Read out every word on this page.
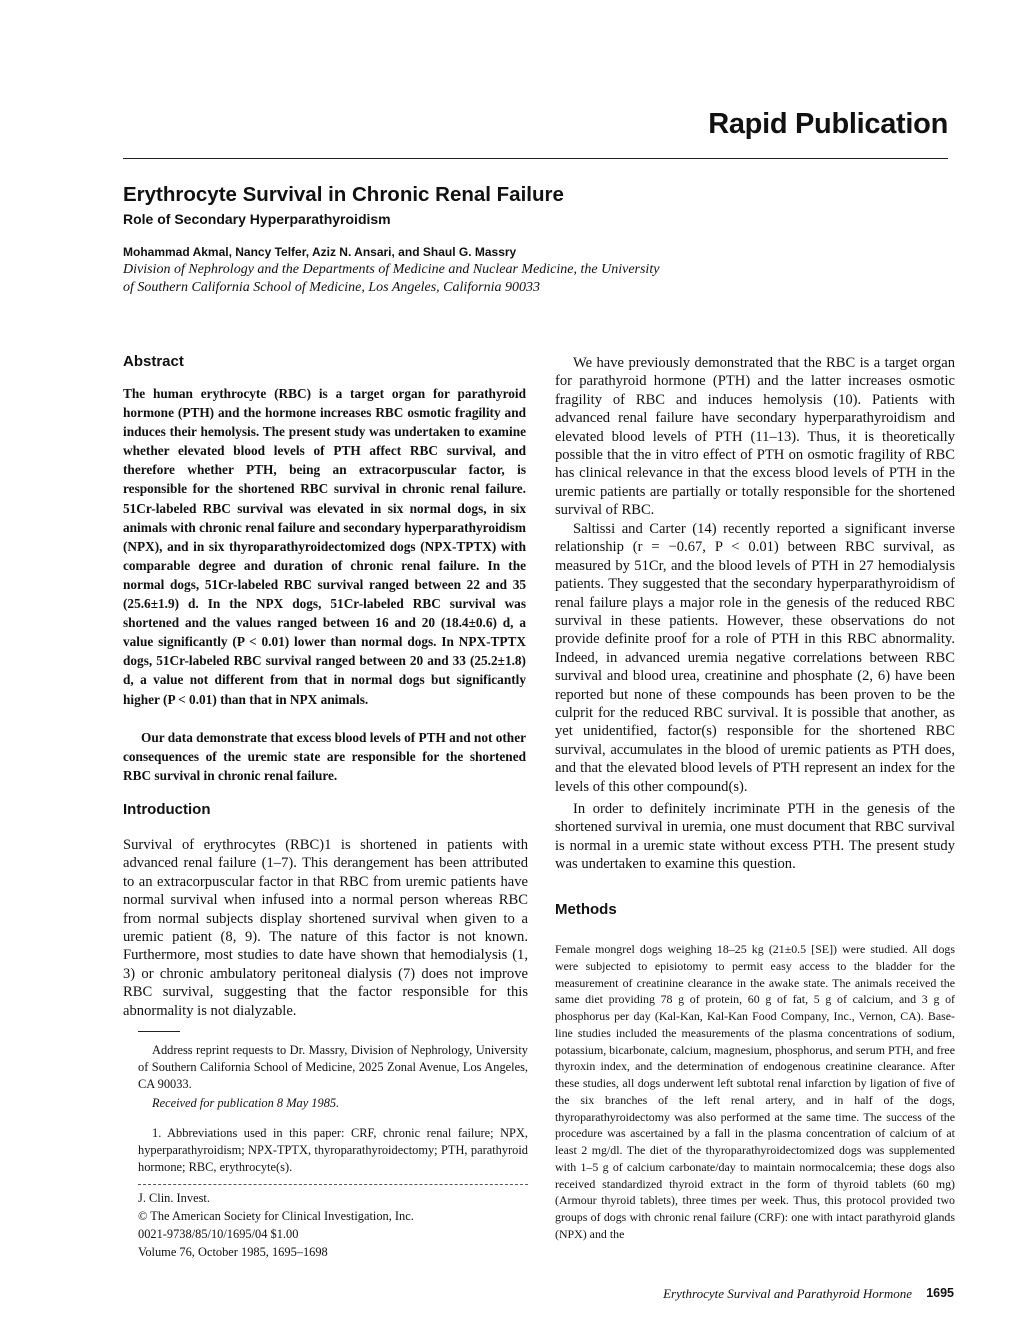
Rapid Publication
Erythrocyte Survival in Chronic Renal Failure
Role of Secondary Hyperparathyroidism
Mohammad Akmal, Nancy Telfer, Aziz N. Ansari, and Shaul G. Massry
Division of Nephrology and the Departments of Medicine and Nuclear Medicine, the University
of Southern California School of Medicine, Los Angeles, California 90033
Abstract

The human erythrocyte (RBC) is a target organ for parathyroid hormone (PTH) and the hormone increases RBC osmotic fragility and induces their hemolysis. The present study was undertaken to examine whether elevated blood levels of PTH affect RBC survival, and therefore whether PTH, being an extracorpuscular factor, is responsible for the shortened RBC survival in chronic renal failure. 51Cr-labeled RBC survival was elevated in six normal dogs, in six animals with chronic renal failure and secondary hyperparathyroidism (NPX), and in six thyroparathyroidectomized dogs (NPX-TPTX) with comparable degree and duration of chronic renal failure. In the normal dogs, 51Cr-labeled RBC survival ranged between 22 and 35 (25.6±1.9) d. In the NPX dogs, 51Cr-labeled RBC survival was shortened and the values ranged between 16 and 20 (18.4±0.6) d, a value significantly (P < 0.01) lower than normal dogs. In NPX-TPTX dogs, 51Cr-labeled RBC survival ranged between 20 and 33 (25.2±1.8) d, a value not different from that in normal dogs but significantly higher (P < 0.01) than that in NPX animals.

Our data demonstrate that excess blood levels of PTH and not other consequences of the uremic state are responsible for the shortened RBC survival in chronic renal failure.

Introduction

Survival of erythrocytes (RBC)1 is shortened in patients with advanced renal failure (1–7). This derangement has been attributed to an extracorpuscular factor in that RBC from uremic patients have normal survival when infused into a normal person whereas RBC from normal subjects display shortened survival when given to a uremic patient (8, 9). The nature of this factor is not known. Furthermore, most studies to date have shown that hemodialysis (1, 3) or chronic ambulatory peritoneal dialysis (7) does not improve RBC survival, suggesting that the factor responsible for this abnormality is not dialyzable.

Address reprint requests to Dr. Massry, Division of Nephrology, University of Southern California School of Medicine, 2025 Zonal Avenue, Los Angeles, CA 90033.
Received for publication 8 May 1985.
1. Abbreviations used in this paper: CRF, chronic renal failure; NPX, hyperparathyroidism; NPX-TPTX, thyroparathyroidectomy; PTH, parathyroid hormone; RBC, erythrocyte(s).
J. Clin. Invest.
© The American Society for Clinical Investigation, Inc.
0021-9738/85/10/1695/04 $1.00
Volume 76, October 1985, 1695–1698

We have previously demonstrated that the RBC is a target organ for parathyroid hormone (PTH) and the latter increases osmotic fragility of RBC and induces hemolysis (10). Patients with advanced renal failure have secondary hyperparathyroidism and elevated blood levels of PTH (11–13). Thus, it is theoretically possible that the in vitro effect of PTH on osmotic fragility of RBC has clinical relevance in that the excess blood levels of PTH in the uremic patients are partially or totally responsible for the shortened survival of RBC.

Saltissi and Carter (14) recently reported a significant inverse relationship (r = −0.67, P < 0.01) between RBC survival, as measured by 51Cr, and the blood levels of PTH in 27 hemodialysis patients. They suggested that the secondary hyperparathyroidism of renal failure plays a major role in the genesis of the reduced RBC survival in these patients. However, these observations do not provide definite proof for a role of PTH in this RBC abnormality. Indeed, in advanced uremia negative correlations between RBC survival and blood urea, creatinine and phosphate (2, 6) have been reported but none of these compounds has been proven to be the culprit for the reduced RBC survival. It is possible that another, as yet unidentified, factor(s) responsible for the shortened RBC survival, accumulates in the blood of uremic patients as PTH does, and that the elevated blood levels of PTH represent an index for the levels of this other compound(s).

In order to definitely incriminate PTH in the genesis of the shortened survival in uremia, one must document that RBC survival is normal in a uremic state without excess PTH. The present study was undertaken to examine this question.

Methods

Female mongrel dogs weighing 18–25 kg (21±0.5 [SE]) were studied. All dogs were subjected to episiotomy to permit easy access to the bladder for the measurement of creatinine clearance in the awake state. The animals received the same diet providing 78 g of protein, 60 g of fat, 5 g of calcium, and 3 g of phosphorus per day (Kal-Kan, Kal-Kan Food Company, Inc., Vernon, CA). Base-line studies included the measurements of the plasma concentrations of sodium, potassium, bicarbonate, calcium, magnesium, phosphorus, and serum PTH, and free thyroxin index, and the determination of endogenous creatinine clearance. After these studies, all dogs underwent left subtotal renal infarction by ligation of five of the six branches of the left renal artery, and in half of the dogs, thyroparathyroidectomy was also performed at the same time. The success of the procedure was ascertained by a fall in the plasma concentration of calcium of at least 2 mg/dl. The diet of the thyroparathyroidectomized dogs was supplemented with 1–5 g of calcium carbonate/day to maintain normocalcemia; these dogs also received standardized thyroid extract in the form of thyroid tablets (60 mg) (Armour thyroid tablets), three times per week. Thus, this protocol provided two groups of dogs with chronic renal failure (CRF): one with intact parathyroid glands (NPX) and the

Erythrocyte Survival and Parathyroid Hormone 1695
